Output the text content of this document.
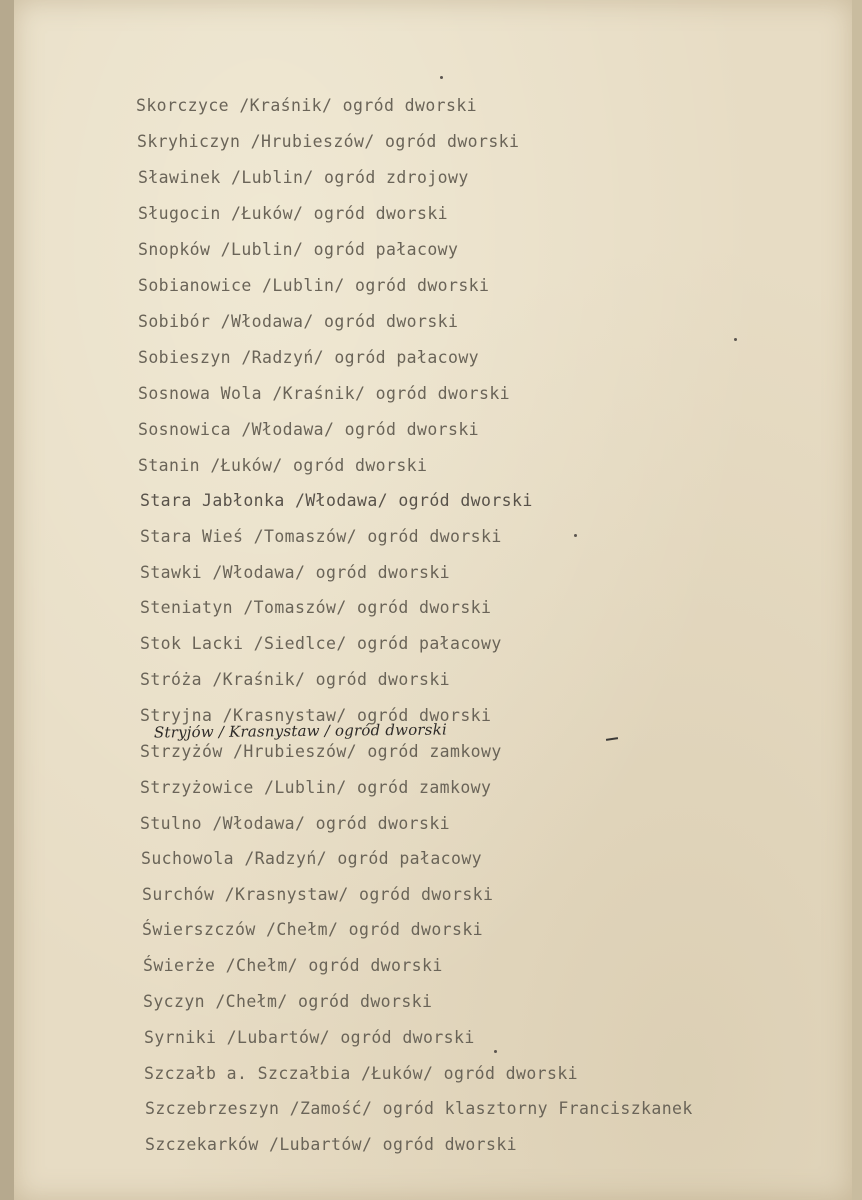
Skorczyce /Kraśnik/ ogród dworski
Skryhiczyn /Hrubieszów/ ogród dworski
Sławinek /Lublin/ ogród zdrojowy
Sługocin /Łuków/ ogród dworski
Snopków /Lublin/ ogród pałacowy
Sobianowice /Lublin/ ogród dworski
Sobibór /Włodawa/ ogród dworski
Sobieszyn /Radzyń/ ogród pałacowy
Sosnowa Wola /Kraśnik/ ogród dworski
Sosnowica /Włodawa/ ogród dworski
Stanin /Łuków/ ogród dworski
Stara Jabłonka /Włodawa/ ogród dworski
Stara Wieś /Tomaszów/ ogród dworski
Stawki /Włodawa/ ogród dworski
Steniatyn /Tomaszów/ ogród dworski
Stok Lacki /Siedlce/ ogród pałacowy
Stróża /Kraśnik/ ogród dworski
Stryjna /Krasnystaw/ ogród dworski
Stryjów / Krasnystaw / ogród dworski
Strzyżów /Hrubieszów/ ogród zamkowy
Strzyżowice /Lublin/ ogród zamkowy
Stulno /Włodawa/ ogród dworski
Suchowola /Radzyń/ ogród pałacowy
Surchów /Krasnystaw/ ogród dworski
Świerszczów /Chełm/ ogród dworski
Świerże /Chełm/ ogród dworski
Syczyn /Chełm/ ogród dworski
Syrniki /Lubartów/ ogród dworski
Szczałb a. Szczałbia /Łuków/ ogród dworski
Szczebrzeszyn /Zamość/ ogród klasztorny Franciszkanek
Szczekarków /Lubartów/ ogród dworski
